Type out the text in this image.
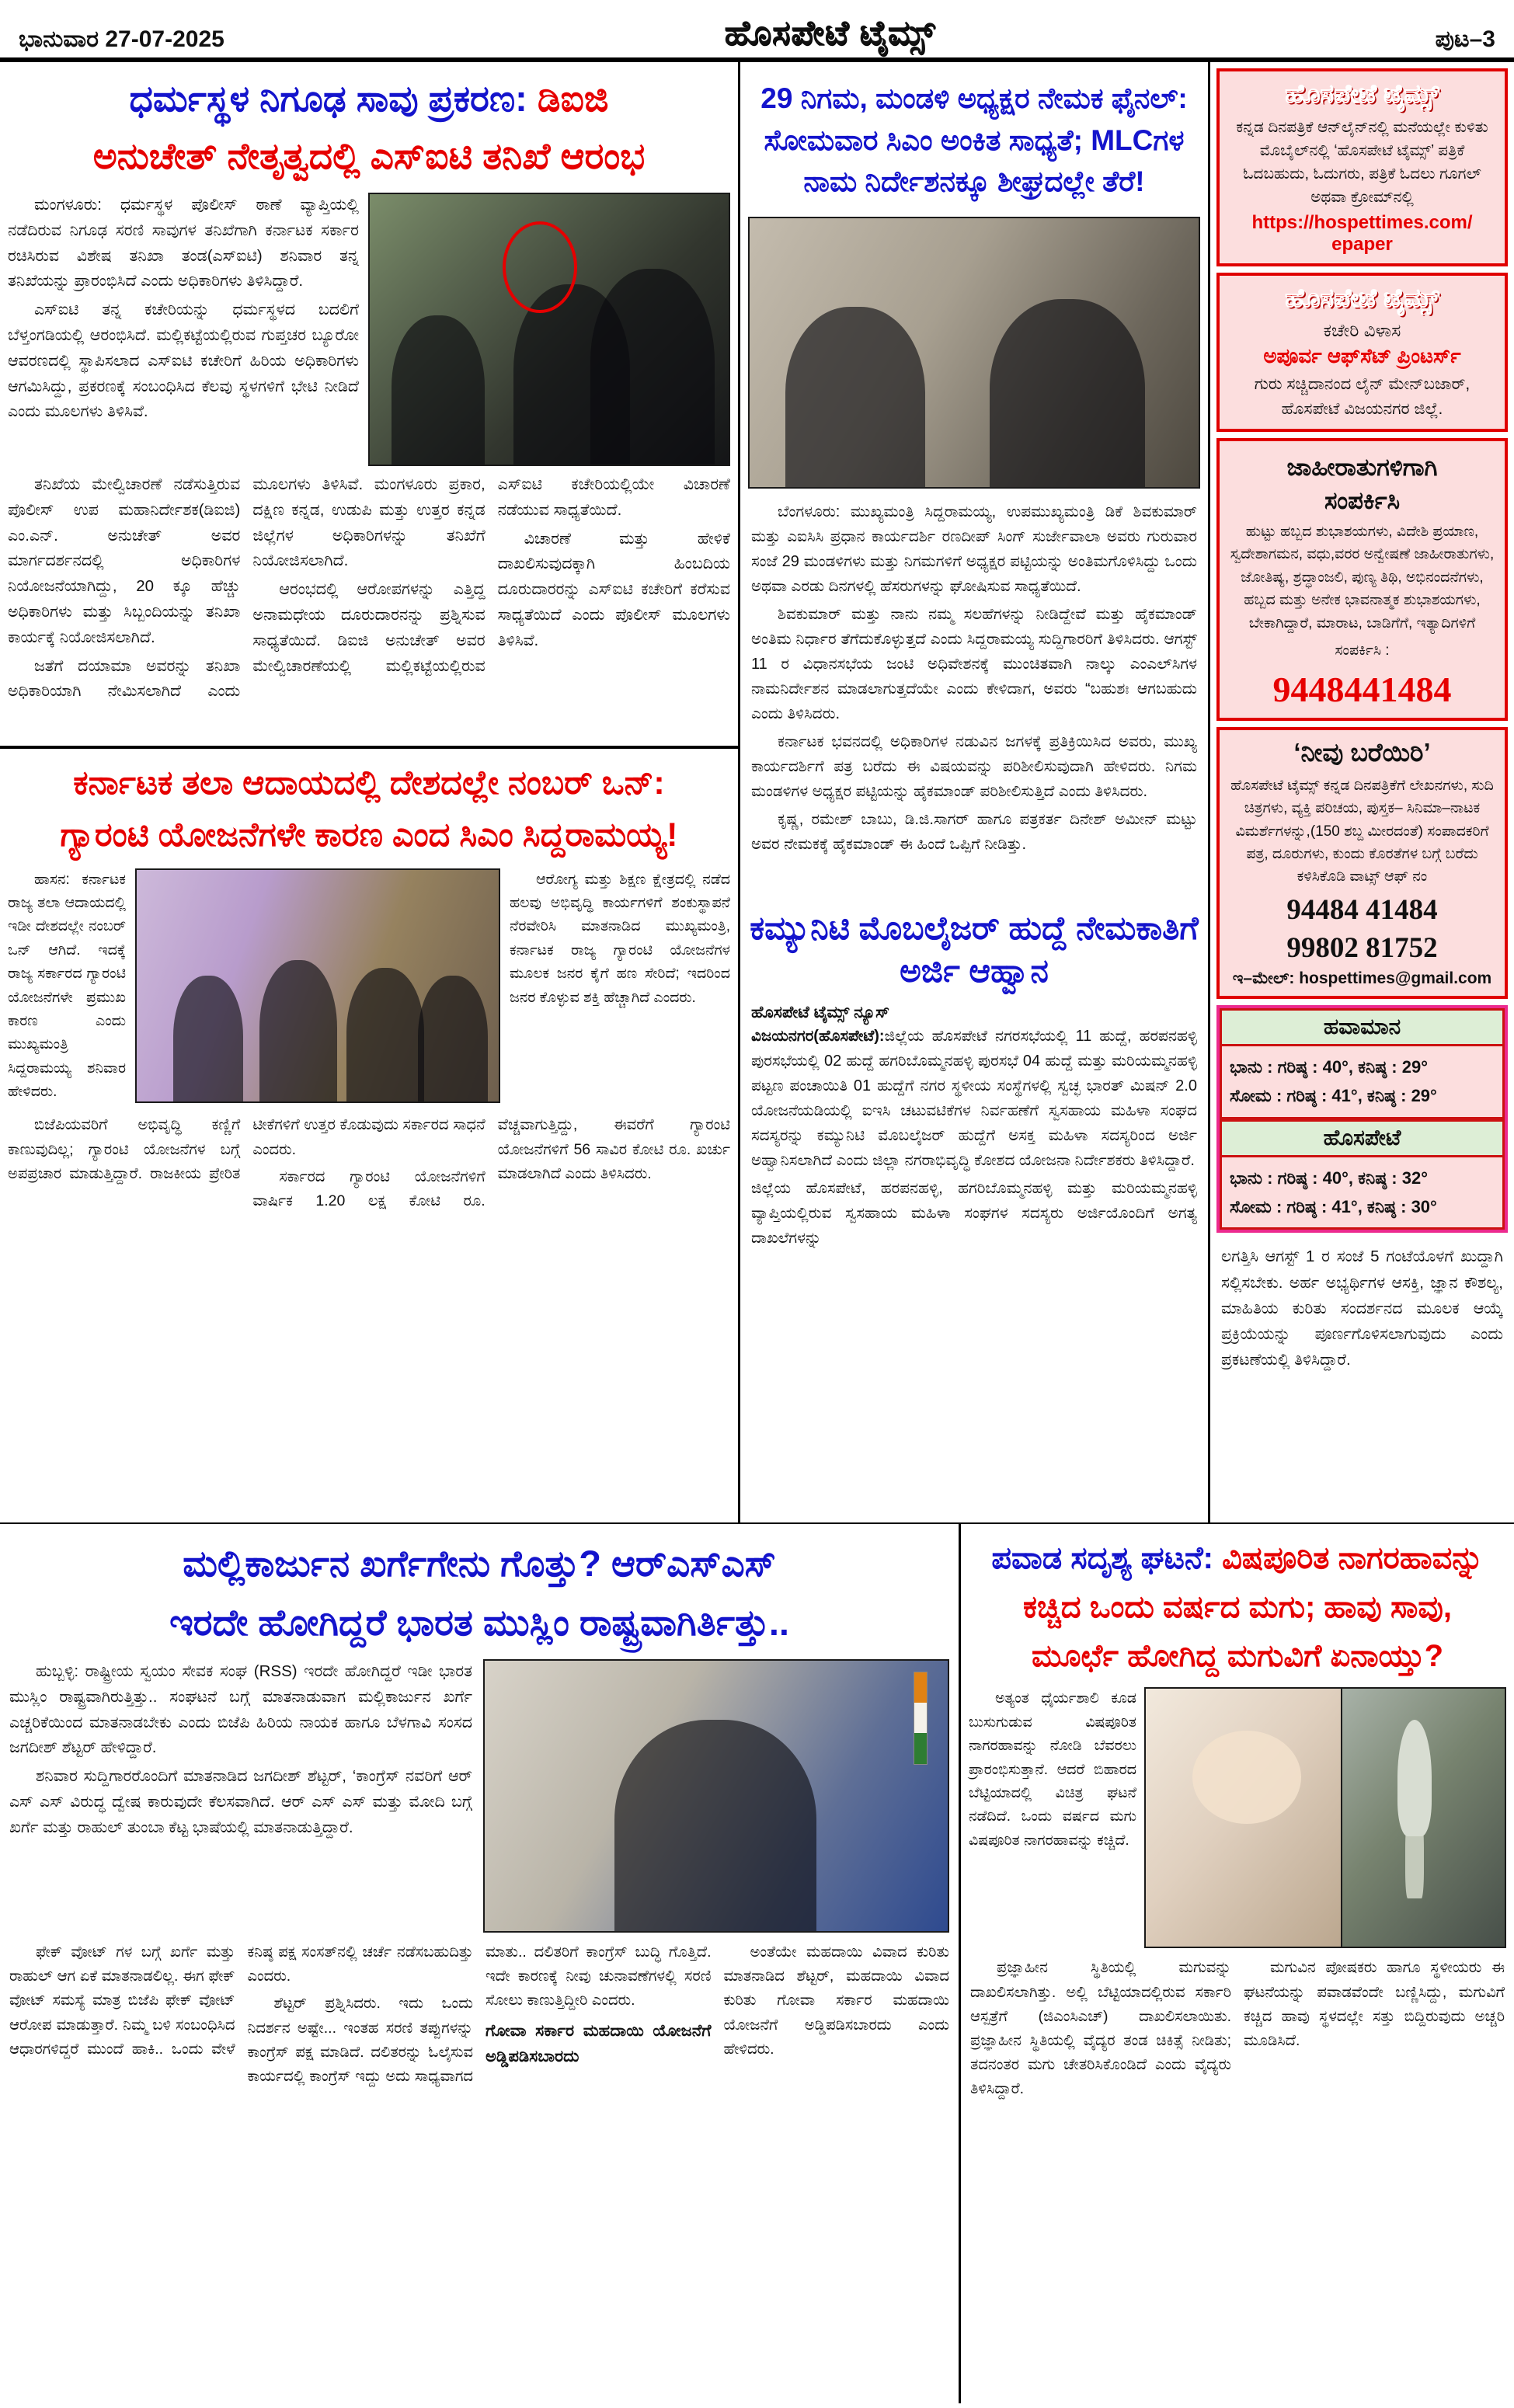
ಭಾನುವಾರ 27-07-2025	ಹೊಸಪೇಟೆ ಟೈಮ್ಸ್	ಪುಟ–3
ಧರ್ಮಸ್ಥಳ ನಿಗೂಢ ಸಾವು ಪ್ರಕರಣ: ಡಿಐಜಿ
ಅನುಚೇತ್ ನೇತೃತ್ವದಲ್ಲಿ ಎಸ್‌ಐಟಿ ತನಿಖೆ ಆರಂಭ

ಮಂಗಳೂರು: ಧರ್ಮಸ್ಥಳ ಪೊಲೀಸ್ ಠಾಣೆ ವ್ಯಾಪ್ತಿಯಲ್ಲಿ ನಡೆದಿರುವ ನಿಗೂಢ ಸರಣಿ ಸಾವುಗಳ ತನಿಖೆಗಾಗಿ ಕರ್ನಾಟಕ ಸರ್ಕಾರ ರಚಿಸಿರುವ ವಿಶೇಷ ತನಿಖಾ ತಂಡ(ಎಸ್‌ಐಟಿ) ಶನಿವಾರ ತನ್ನ ತನಿಖೆಯನ್ನು ಪ್ರಾರಂಭಿಸಿದೆ ಎಂದು ಅಧಿಕಾರಿಗಳು ತಿಳಿಸಿದ್ದಾರೆ.

ಎಸ್‌ಐಟಿ ತನ್ನ ಕಚೇರಿಯನ್ನು ಧರ್ಮಸ್ಥಳದ ಬದಲಿಗೆ ಬೆಳ್ತಂಗಡಿಯಲ್ಲಿ ಆರಂಭಿಸಿದೆ. ಮಲ್ಲಿಕಟ್ಟೆಯಲ್ಲಿರುವ ಗುಪ್ತಚರ ಬ್ಯೂರೋ ಆವರಣದಲ್ಲಿ ಸ್ಥಾಪಿಸಲಾದ ಎಸ್‌ಐಟಿ ಕಚೇರಿಗೆ ಹಿರಿಯ ಅಧಿಕಾರಿಗಳು ಆಗಮಿಸಿದ್ದು, ಪ್ರಕರಣಕ್ಕೆ ಸಂಬಂಧಿಸಿದ ಕೆಲವು ಸ್ಥಳಗಳಿಗೆ ಭೇಟಿ ನೀಡಿದೆ ಎಂದು ಮೂಲಗಳು ತಿಳಿಸಿವೆ.

ತನಿಖೆಯ ಮೇಲ್ವಿಚಾರಣೆ ನಡೆಸುತ್ತಿರುವ ಪೊಲೀಸ್ ಉಪ ಮಹಾನಿರ್ದೇಶಕ(ಡಿಐಜಿ) ಎಂ.ಎನ್. ಅನುಚೇತ್ ಅವರ ಮಾರ್ಗದರ್ಶನದಲ್ಲಿ ಅಧಿಕಾರಿಗಳ ನಿಯೋಜನೆಯಾಗಿದ್ದು, 20 ಕ್ಕೂ ಹೆಚ್ಚು ಅಧಿಕಾರಿಗಳು ಮತ್ತು ಸಿಬ್ಬಂದಿಯನ್ನು ತನಿಖಾ ಕಾರ್ಯಕ್ಕೆ ನಿಯೋಜಿಸಲಾಗಿದೆ.

ಜತೆಗೆ ದಯಾಮಾ ಅವರನ್ನು ತನಿಖಾ ಅಧಿಕಾರಿಯಾಗಿ ನೇಮಿಸಲಾಗಿದೆ ಎಂದು ಮೂಲಗಳು ತಿಳಿಸಿವೆ. ಮಂಗಳೂರು ಪ್ರಕಾರ, ದಕ್ಷಿಣ ಕನ್ನಡ, ಉಡುಪಿ ಮತ್ತು ಉತ್ತರ ಕನ್ನಡ ಜಿಲ್ಲೆಗಳ ಅಧಿಕಾರಿಗಳನ್ನು ತನಿಖೆಗೆ ನಿಯೋಜಿಸಲಾಗಿದೆ.

ಆರಂಭದಲ್ಲಿ ಆರೋಪಗಳನ್ನು ಎತ್ತಿದ್ದ ಅನಾಮಧೇಯ ದೂರುದಾರನನ್ನು ಪ್ರಶ್ನಿಸುವ ಸಾಧ್ಯತೆಯಿದೆ. ಡಿಐಜಿ ಅನುಚೇತ್ ಅವರ ಮೇಲ್ವಿಚಾರಣೆಯಲ್ಲಿ ಮಲ್ಲಿಕಟ್ಟೆಯಲ್ಲಿರುವ ಎಸ್‌ಐಟಿ ಕಚೇರಿಯಲ್ಲಿಯೇ ವಿಚಾರಣೆ ನಡೆಯುವ ಸಾಧ್ಯತೆಯಿದೆ.

ವಿಚಾರಣೆ ಮತ್ತು ಹೇಳಿಕೆ ದಾಖಲಿಸುವುದಕ್ಕಾಗಿ ಹಿಂಬದಿಯ ದೂರುದಾರರನ್ನು ಎಸ್‌ಐಟಿ ಕಚೇರಿಗೆ ಕರೆಸುವ ಸಾಧ್ಯತೆಯಿದೆ ಎಂದು ಪೊಲೀಸ್ ಮೂಲಗಳು ತಿಳಿಸಿವೆ.

ಕರ್ನಾಟಕ ತಲಾ ಆದಾಯದಲ್ಲಿ ದೇಶದಲ್ಲೇ ನಂಬರ್ ಒನ್:
ಗ್ಯಾರಂಟಿ ಯೋಜನೆಗಳೇ ಕಾರಣ ಎಂದ ಸಿಎಂ ಸಿದ್ದರಾಮಯ್ಯ!

ಹಾಸನ: ಕರ್ನಾಟಕ ರಾಜ್ಯ ತಲಾ ಆದಾಯದಲ್ಲಿ ಇಡೀ ದೇಶದಲ್ಲೇ ನಂಬರ್ ಒನ್ ಆಗಿದೆ. ಇದಕ್ಕೆ ರಾಜ್ಯ ಸರ್ಕಾರದ ಗ್ಯಾರಂಟಿ ಯೋಜನೆಗಳೇ ಪ್ರಮುಖ ಕಾರಣ ಎಂದು ಮುಖ್ಯಮಂತ್ರಿ ಸಿದ್ದರಾಮಯ್ಯ ಶನಿವಾರ ಹೇಳಿದರು.

ಆರೋಗ್ಯ ಮತ್ತು ಶಿಕ್ಷಣ ಕ್ಷೇತ್ರದಲ್ಲಿ ನಡೆದ ಹಲವು ಅಭಿವೃದ್ಧಿ ಕಾರ್ಯಗಳಿಗೆ ಶಂಕುಸ್ಥಾಪನೆ ನೆರವೇರಿಸಿ ಮಾತನಾಡಿದ ಮುಖ್ಯಮಂತ್ರಿ, ಕರ್ನಾಟಕ ರಾಜ್ಯ ಗ್ಯಾರಂಟಿ ಯೋಜನೆಗಳ ಮೂಲಕ ಜನರ ಕೈಗೆ ಹಣ ಸೇರಿದೆ; ಇದರಿಂದ ಜನರ ಕೊಳ್ಳುವ ಶಕ್ತಿ ಹೆಚ್ಚಾಗಿದೆ ಎಂದರು.

ಬಿಜೆಪಿಯವರಿಗೆ ಅಭಿವೃದ್ಧಿ ಕಣ್ಣಿಗೆ ಕಾಣುವುದಿಲ್ಲ; ಗ್ಯಾರಂಟಿ ಯೋಜನೆಗಳ ಬಗ್ಗೆ ಅಪಪ್ರಚಾರ ಮಾಡುತ್ತಿದ್ದಾರೆ. ರಾಜಕೀಯ ಪ್ರೇರಿತ ಟೀಕೆಗಳಿಗೆ ಉತ್ತರ ಕೊಡುವುದು ಸರ್ಕಾರದ ಸಾಧನೆ ಎಂದರು.

ಸರ್ಕಾರದ ಗ್ಯಾರಂಟಿ ಯೋಜನೆಗಳಿಗೆ ವಾರ್ಷಿಕ 1.20 ಲಕ್ಷ ಕೋಟಿ ರೂ. ವೆಚ್ಚವಾಗುತ್ತಿದ್ದು, ಈವರೆಗೆ ಗ್ಯಾರಂಟಿ ಯೋಜನೆಗಳಿಗೆ 56 ಸಾವಿರ ಕೋಟಿ ರೂ. ಖರ್ಚು ಮಾಡಲಾಗಿದೆ ಎಂದು ತಿಳಿಸಿದರು.

29 ನಿಗಮ, ಮಂಡಳಿ ಅಧ್ಯಕ್ಷರ ನೇಮಕ ಫೈನಲ್: ಸೋಮವಾರ ಸಿಎಂ ಅಂಕಿತ ಸಾಧ್ಯತೆ; MLCಗಳ ನಾಮ ನಿರ್ದೇಶನಕ್ಕೂ ಶೀಘ್ರದಲ್ಲೇ ತೆರೆ!

ಬೆಂಗಳೂರು: ಮುಖ್ಯಮಂತ್ರಿ ಸಿದ್ದರಾಮಯ್ಯ, ಉಪಮುಖ್ಯಮಂತ್ರಿ ಡಿಕೆ ಶಿವಕುಮಾರ್ ಮತ್ತು ಎಐಸಿಸಿ ಪ್ರಧಾನ ಕಾರ್ಯದರ್ಶಿ ರಣದೀಪ್ ಸಿಂಗ್ ಸುರ್ಜೇವಾಲಾ ಅವರು ಗುರುವಾರ ಸಂಜೆ 29 ಮಂಡಳಿಗಳು ಮತ್ತು ನಿಗಮಗಳಿಗೆ ಅಧ್ಯಕ್ಷರ ಪಟ್ಟಿಯನ್ನು ಅಂತಿಮಗೊಳಿಸಿದ್ದು ಒಂದು ಅಥವಾ ಎರಡು ದಿನಗಳಲ್ಲಿ ಹೆಸರುಗಳನ್ನು ಘೋಷಿಸುವ ಸಾಧ್ಯತೆಯಿದೆ.

ಶಿವಕುಮಾರ್ ಮತ್ತು ನಾನು ನಮ್ಮ ಸಲಹೆಗಳನ್ನು ನೀಡಿದ್ದೇವೆ ಮತ್ತು ಹೈಕಮಾಂಡ್ ಅಂತಿಮ ನಿರ್ಧಾರ ತೆಗೆದುಕೊಳ್ಳುತ್ತದೆ ಎಂದು ಸಿದ್ದರಾಮಯ್ಯ ಸುದ್ದಿಗಾರರಿಗೆ ತಿಳಿಸಿದರು. ಆಗಸ್ಟ್ 11 ರ ವಿಧಾನಸಭೆಯ ಜಂಟಿ ಅಧಿವೇಶನಕ್ಕೆ ಮುಂಚಿತವಾಗಿ ನಾಲ್ಕು ಎಂಎಲ್‌ಸಿಗಳ ನಾಮನಿರ್ದೇಶನ ಮಾಡಲಾಗುತ್ತದೆಯೇ ಎಂದು ಕೇಳಿದಾಗ, ಅವರು “ಬಹುಶಃ ಆಗಬಹುದು ಎಂದು ತಿಳಿಸಿದರು.

ಕರ್ನಾಟಕ ಭವನದಲ್ಲಿ ಅಧಿಕಾರಿಗಳ ನಡುವಿನ ಜಗಳಕ್ಕೆ ಪ್ರತಿಕ್ರಿಯಿಸಿದ ಅವರು, ಮುಖ್ಯ ಕಾರ್ಯದರ್ಶಿಗೆ ಪತ್ರ ಬರೆದು ಈ ವಿಷಯವನ್ನು ಪರಿಶೀಲಿಸುವುದಾಗಿ ಹೇಳಿದರು. ನಿಗಮ ಮಂಡಳಿಗಳ ಅಧ್ಯಕ್ಷರ ಪಟ್ಟಿಯನ್ನು ಹೈಕಮಾಂಡ್ ಪರಿಶೀಲಿಸುತ್ತಿದೆ ಎಂದು ತಿಳಿಸಿದರು.

ಕೃಷ್ಣ, ರಮೇಶ್ ಬಾಬು, ಡಿ.ಜಿ.ಸಾಗರ್ ಹಾಗೂ ಪತ್ರಕರ್ತ ದಿನೇಶ್ ಅಮೀನ್ ಮಟ್ಟು ಅವರ ನೇಮಕಕ್ಕೆ ಹೈಕಮಾಂಡ್ ಈ ಹಿಂದೆ ಒಪ್ಪಿಗೆ ನೀಡಿತ್ತು.

ಕಮ್ಯುನಿಟಿ ಮೊಬಲೈಜರ್ ಹುದ್ದೆ ನೇಮಕಾತಿಗೆ ಅರ್ಜಿ ಆಹ್ವಾನ
ಹೊಸಪೇಟೆ ಟೈಮ್ಸ್ ನ್ಯೂಸ್

ವಿಜಯನಗರ(ಹೊಸಪೇಟೆ):ಜಿಲ್ಲೆಯ ಹೊಸಪೇಟೆ ನಗರಸಭೆಯಲ್ಲಿ 11 ಹುದ್ದೆ, ಹರಪನಹಳ್ಳಿ ಪುರಸಭೆಯಲ್ಲಿ 02 ಹುದ್ದೆ ಹಗರಿಬೊಮ್ಮನಹಳ್ಳಿ ಪುರಸಭೆ 04 ಹುದ್ದೆ ಮತ್ತು ಮರಿಯಮ್ಮನಹಳ್ಳಿ ಪಟ್ಟಣ ಪಂಚಾಯಿತಿ 01 ಹುದ್ದೆಗೆ ನಗರ ಸ್ಥಳೀಯ ಸಂಸ್ಥೆಗಳಲ್ಲಿ ಸ್ವಚ್ಛ ಭಾರತ್ ಮಿಷನ್ 2.0 ಯೋಜನೆಯಡಿಯಲ್ಲಿ ಐಇಸಿ ಚಟುವಟಿಕೆಗಳ ನಿರ್ವಹಣೆಗೆ ಸ್ವಸಹಾಯ ಮಹಿಳಾ ಸಂಘದ ಸದಸ್ಯರನ್ನು ಕಮ್ಯುನಿಟಿ ಮೊಬಲೈಜರ್ ಹುದ್ದೆಗೆ ಅಸಕ್ತ ಮಹಿಳಾ ಸದಸ್ಯರಿಂದ ಅರ್ಜಿ ಅಹ್ವಾನಿಸಲಾಗಿದೆ ಎಂದು ಜಿಲ್ಲಾ ನಗರಾಭಿವೃದ್ಧಿ ಕೋಶದ ಯೋಜನಾ ನಿರ್ದೇಶಕರು ತಿಳಿಸಿದ್ದಾರೆ.

ಜಿಲ್ಲೆಯ ಹೊಸಪೇಟೆ, ಹರಪನಹಳ್ಳಿ, ಹಗರಿಬೊಮ್ಮನಹಳ್ಳಿ ಮತ್ತು ಮರಿಯಮ್ಮನಹಳ್ಳಿ ವ್ಯಾಪ್ತಿಯಲ್ಲಿರುವ ಸ್ವಸಹಾಯ ಮಹಿಳಾ ಸಂಘಗಳ ಸದಸ್ಯರು ಅರ್ಜಿಯೊಂದಿಗೆ ಅಗತ್ಯ ದಾಖಲೆಗಳನ್ನು

ಹೊಸಪೇಟೆ ಟೈಮ್ಸ್
ಕನ್ನಡ ದಿನಪತ್ರಿಕೆ ಆನ್‌ಲೈನ್‌ನಲ್ಲಿ ಮನೆಯಲ್ಲೇ ಕುಳಿತು ಮೊಬೈಲ್‌ನಲ್ಲಿ ‘ಹೊಸಪೇಟೆ ಟೈಮ್ಸ್’ ಪತ್ರಿಕೆ ಓದಬಹುದು, ಓದುಗರು, ಪತ್ರಿಕೆ ಓದಲು ಗೂಗಲ್ ಅಥವಾ ಕ್ರೋಮ್‌ನಲ್ಲಿ
https://hospettimes.com/
epaper
ಹೊಸಪೇಟೆ ಟೈಮ್ಸ್
ಕಚೇರಿ ವಿಳಾಸ
ಅಪೂರ್ವ ಆಫ್‌ಸೆಟ್ ಪ್ರಿಂಟರ್ಸ್
ಗುರು ಸಚ್ಚಿದಾನಂದ ಲೈನ್ ಮೇನ್‌ಬಜಾರ್, ಹೊಸಪೇಟೆ ವಿಜಯನಗರ ಜಿಲ್ಲೆ.
ಜಾಹೀರಾತುಗಳಿಗಾಗಿ
ಸಂಪರ್ಕಿಸಿ
ಹುಟ್ಟು ಹಬ್ಬದ ಶುಭಾಶಯಗಳು, ವಿದೇಶಿ ಪ್ರಯಾಣ, ಸ್ವದೇಶಾಗಮನ, ವಧು,ವರರ ಅನ್ವೇಷಣೆ ಜಾಹೀರಾತುಗಳು, ಜೋತಿಷ್ಯ, ಶ್ರದ್ಧಾಂಜಲಿ, ಪುಣ್ಯ ತಿಥಿ, ಅಭಿನಂದನೆಗಳು, ಹಬ್ಬದ ಮತ್ತು ಅನೇಕ ಭಾವನಾತ್ಮಕ ಶುಭಾಶಯಗಳು, ಬೇಕಾಗಿದ್ದಾರೆ, ಮಾರಾಟ, ಬಾಡಿಗೆಗೆ, ಇತ್ಯಾದಿಗಳಿಗೆ
ಸಂಪರ್ಕಿಸಿ :
9448441484
‘ನೀವು ಬರೆಯಿರಿ’
ಹೊಸಪೇಟೆ ಟೈಮ್ಸ್ ಕನ್ನಡ ದಿನಪತ್ರಿಕೆಗೆ ಲೇಖನಗಳು, ಸುದಿ ಚಿತ್ರಗಳು, ವ್ಯಕ್ತಿ ಪರಿಚಯ, ಪುಸ್ತಕ– ಸಿನಿಮಾ–ನಾಟಕ ವಿಮರ್ಶೆಗಳನ್ನು,(150 ಶಬ್ದ ಮೀರದಂತೆ) ಸಂಪಾದಕರಿಗೆ ಪತ್ರ, ದೂರುಗಳು, ಕುಂದು ಕೊರತೆಗಳ ಬಗ್ಗೆ ಬರೆದು ಕಳಿಸಿಕೊಡಿ ವಾಟ್ಸ್ ಆಫ್ ನಂ
94484 41484
99802 81752
ಇ–ಮೇಲ್: hospettimes@gmail.com
ಹವಾಮಾನ
ಭಾನು : ಗರಿಷ್ಠ : 40°, ಕನಿಷ್ಠ : 29°
ಸೋಮ : ಗರಿಷ್ಠ : 41°, ಕನಿಷ್ಠ : 29°
ಹೊಸಪೇಟೆ
ಭಾನು : ಗರಿಷ್ಠ : 40°, ಕನಿಷ್ಠ : 32°
ಸೋಮ : ಗರಿಷ್ಠ : 41°, ಕನಿಷ್ಠ : 30°
ಲಗತ್ತಿಸಿ ಆಗಸ್ಟ್ 1 ರ ಸಂಜೆ 5 ಗಂಟೆಯೊಳಗೆ ಖುದ್ದಾಗಿ ಸಲ್ಲಿಸಬೇಕು. ಅರ್ಹ ಅಭ್ಯರ್ಥಿಗಳ ಆಸಕ್ತಿ, ಜ್ಞಾನ ಕೌಶಲ್ಯ, ಮಾಹಿತಿಯ ಕುರಿತು ಸಂದರ್ಶನದ ಮೂಲಕ ಆಯ್ಕೆ ಪ್ರಕ್ರಿಯೆಯನ್ನು ಪೂರ್ಣಗೊಳಿಸಲಾಗುವುದು ಎಂದು ಪ್ರಕಟಣೆಯಲ್ಲಿ ತಿಳಿಸಿದ್ದಾರೆ.
ಮಲ್ಲಿಕಾರ್ಜುನ ಖರ್ಗೆಗೇನು ಗೊತ್ತು? ಆರ್‌ಎಸ್‌ಎಸ್
ಇರದೇ ಹೋಗಿದ್ದರೆ ಭಾರತ ಮುಸ್ಲಿಂ ರಾಷ್ಟ್ರವಾಗಿರ್ತಿತ್ತು..

ಹುಬ್ಬಳ್ಳಿ: ರಾಷ್ಟ್ರೀಯ ಸ್ವಯಂ ಸೇವಕ ಸಂಘ (RSS) ಇರದೇ ಹೋಗಿದ್ದರೆ ಇಡೀ ಭಾರತ ಮುಸ್ಲಿಂ ರಾಷ್ಟ್ರವಾಗಿರುತ್ತಿತ್ತು.. ಸಂಘಟನೆ ಬಗ್ಗೆ ಮಾತನಾಡುವಾಗ ಮಲ್ಲಿಕಾರ್ಜುನ ಖರ್ಗೆ ಎಚ್ಚರಿಕೆಯಿಂದ ಮಾತನಾಡಬೇಕು ಎಂದು ಬಿಜೆಪಿ ಹಿರಿಯ ನಾಯಕ ಹಾಗೂ ಬೆಳಗಾವಿ ಸಂಸದ ಜಗದೀಶ್ ಶೆಟ್ಟರ್ ಹೇಳಿದ್ದಾರೆ.

ಶನಿವಾರ ಸುದ್ದಿಗಾರರೊಂದಿಗೆ ಮಾತನಾಡಿದ ಜಗದೀಶ್ ಶೆಟ್ಟರ್, ‘ಕಾಂಗ್ರೆಸ್ ನವರಿಗೆ ಆರ್ ಎಸ್ ಎಸ್ ವಿರುದ್ಧ ದ್ವೇಷ ಕಾರುವುದೇ ಕೆಲಸವಾಗಿದೆ. ಆರ್ ಎಸ್ ಎಸ್ ಮತ್ತು ಮೋದಿ ಬಗ್ಗೆ ಖರ್ಗೆ ಮತ್ತು ರಾಹುಲ್ ತುಂಬಾ ಕೆಟ್ಟ ಭಾಷೆಯಲ್ಲಿ ಮಾತನಾಡುತ್ತಿದ್ದಾರೆ.

ಫೇಕ್ ವೋಟ್ ಗಳ ಬಗ್ಗೆ ಖರ್ಗೆ ಮತ್ತು ರಾಹುಲ್ ಆಗ ಏಕೆ ಮಾತನಾಡಲಿಲ್ಲ. ಈಗ ಫೇಕ್ ವೋಟ್ ಸಮಸ್ಯೆ ಮಾತ್ರ ಬಿಜೆಪಿ ಫೇಕ್ ವೋಟ್ ಆರೋಪ ಮಾಡುತ್ತಾರೆ. ನಿಮ್ಮ ಬಳಿ ಸಂಬಂಧಿಸಿದ ಆಧಾರಗಳಿದ್ದರೆ ಮುಂದೆ ಹಾಕಿ.. ಒಂದು ವೇಳೆ ಕನಿಷ್ಠ ಪಕ್ಷ ಸಂಸತ್‌ನಲ್ಲಿ ಚರ್ಚೆ ನಡೆಸಬಹುದಿತ್ತು ಎಂದರು.

ಶೆಟ್ಟರ್ ಪ್ರಶ್ನಿಸಿದರು. ಇದು ಒಂದು ನಿದರ್ಶನ ಅಷ್ಟೇ... ಇಂತಹ ಸರಣಿ ತಪ್ಪುಗಳನ್ನು ಕಾಂಗ್ರೆಸ್ ಪಕ್ಷ ಮಾಡಿದೆ. ದಲಿತರನ್ನು ಓಲೈಸುವ ಕಾರ್ಯದಲ್ಲಿ ಕಾಂಗ್ರೆಸ್ ಇದ್ದು ಅದು ಸಾಧ್ಯವಾಗದ ಮಾತು.. ದಲಿತರಿಗೆ ಕಾಂಗ್ರೆಸ್ ಬುದ್ಧಿ ಗೊತ್ತಿದೆ. ಇದೇ ಕಾರಣಕ್ಕೆ ನೀವು ಚುನಾವಣೆಗಳಲ್ಲಿ ಸರಣಿ ಸೋಲು ಕಾಣುತ್ತಿದ್ದೀರಿ ಎಂದರು.

ಗೋವಾ ಸರ್ಕಾರ ಮಹದಾಯಿ ಯೋಜನೆಗೆ ಅಡ್ಡಿಪಡಿಸಬಾರದು

ಅಂತೆಯೇ ಮಹದಾಯಿ ವಿವಾದ ಕುರಿತು ಮಾತನಾಡಿದ ಶೆಟ್ಟರ್, ಮಹದಾಯಿ ವಿವಾದ ಕುರಿತು ಗೋವಾ ಸರ್ಕಾರ ಮಹದಾಯಿ ಯೋಜನೆಗೆ ಅಡ್ಡಿಪಡಿಸಬಾರದು ಎಂದು ಹೇಳಿದರು.

ಪವಾಡ ಸದೃಶ್ಯ ಘಟನೆ: ವಿಷಪೂರಿತ ನಾಗರಹಾವನ್ನು
ಕಚ್ಚಿದ ಒಂದು ವರ್ಷದ ಮಗು; ಹಾವು ಸಾವು,
ಮೂರ್ಛೆ ಹೋಗಿದ್ದ ಮಗುವಿಗೆ ಏನಾಯ್ತು?

ಅತ್ಯಂತ ಧೈರ್ಯಶಾಲಿ ಕೂಡ ಬುಸುಗುಡುವ ವಿಷಪೂರಿತ ನಾಗರಹಾವನ್ನು ನೋಡಿ ಬೆವರಲು ಪ್ರಾರಂಭಿಸುತ್ತಾನೆ. ಆದರೆ ಬಿಹಾರದ ಬೆಟ್ಟಿಯಾದಲ್ಲಿ ವಿಚಿತ್ರ ಘಟನೆ ನಡೆದಿದೆ. ಒಂದು ವರ್ಷದ ಮಗು ವಿಷಪೂರಿತ ನಾಗರಹಾವನ್ನು ಕಚ್ಚಿದೆ.

ಪ್ರಜ್ಞಾಹೀನ ಸ್ಥಿತಿಯಲ್ಲಿ ಮಗುವನ್ನು ದಾಖಲಿಸಲಾಗಿತ್ತು. ಅಲ್ಲಿ ಬೆಟ್ಟಿಯಾದಲ್ಲಿರುವ ಸರ್ಕಾರಿ ಆಸ್ಪತ್ರೆಗೆ (ಜಿಎಂಸಿಎಚ್) ದಾಖಲಿಸಲಾಯಿತು. ಪ್ರಜ್ಞಾಹೀನ ಸ್ಥಿತಿಯಲ್ಲಿ ವೈದ್ಯರ ತಂಡ ಚಿಕಿತ್ಸೆ ನೀಡಿತು; ತದನಂತರ ಮಗು ಚೇತರಿಸಿಕೊಂಡಿದೆ ಎಂದು ವೈದ್ಯರು ತಿಳಿಸಿದ್ದಾರೆ.

ಮಗುವಿನ ಪೋಷಕರು ಹಾಗೂ ಸ್ಥಳೀಯರು ಈ ಘಟನೆಯನ್ನು ಪವಾಡವೆಂದೇ ಬಣ್ಣಿಸಿದ್ದು, ಮಗುವಿಗೆ ಕಚ್ಚಿದ ಹಾವು ಸ್ಥಳದಲ್ಲೇ ಸತ್ತು ಬಿದ್ದಿರುವುದು ಅಚ್ಚರಿ ಮೂಡಿಸಿದೆ.
